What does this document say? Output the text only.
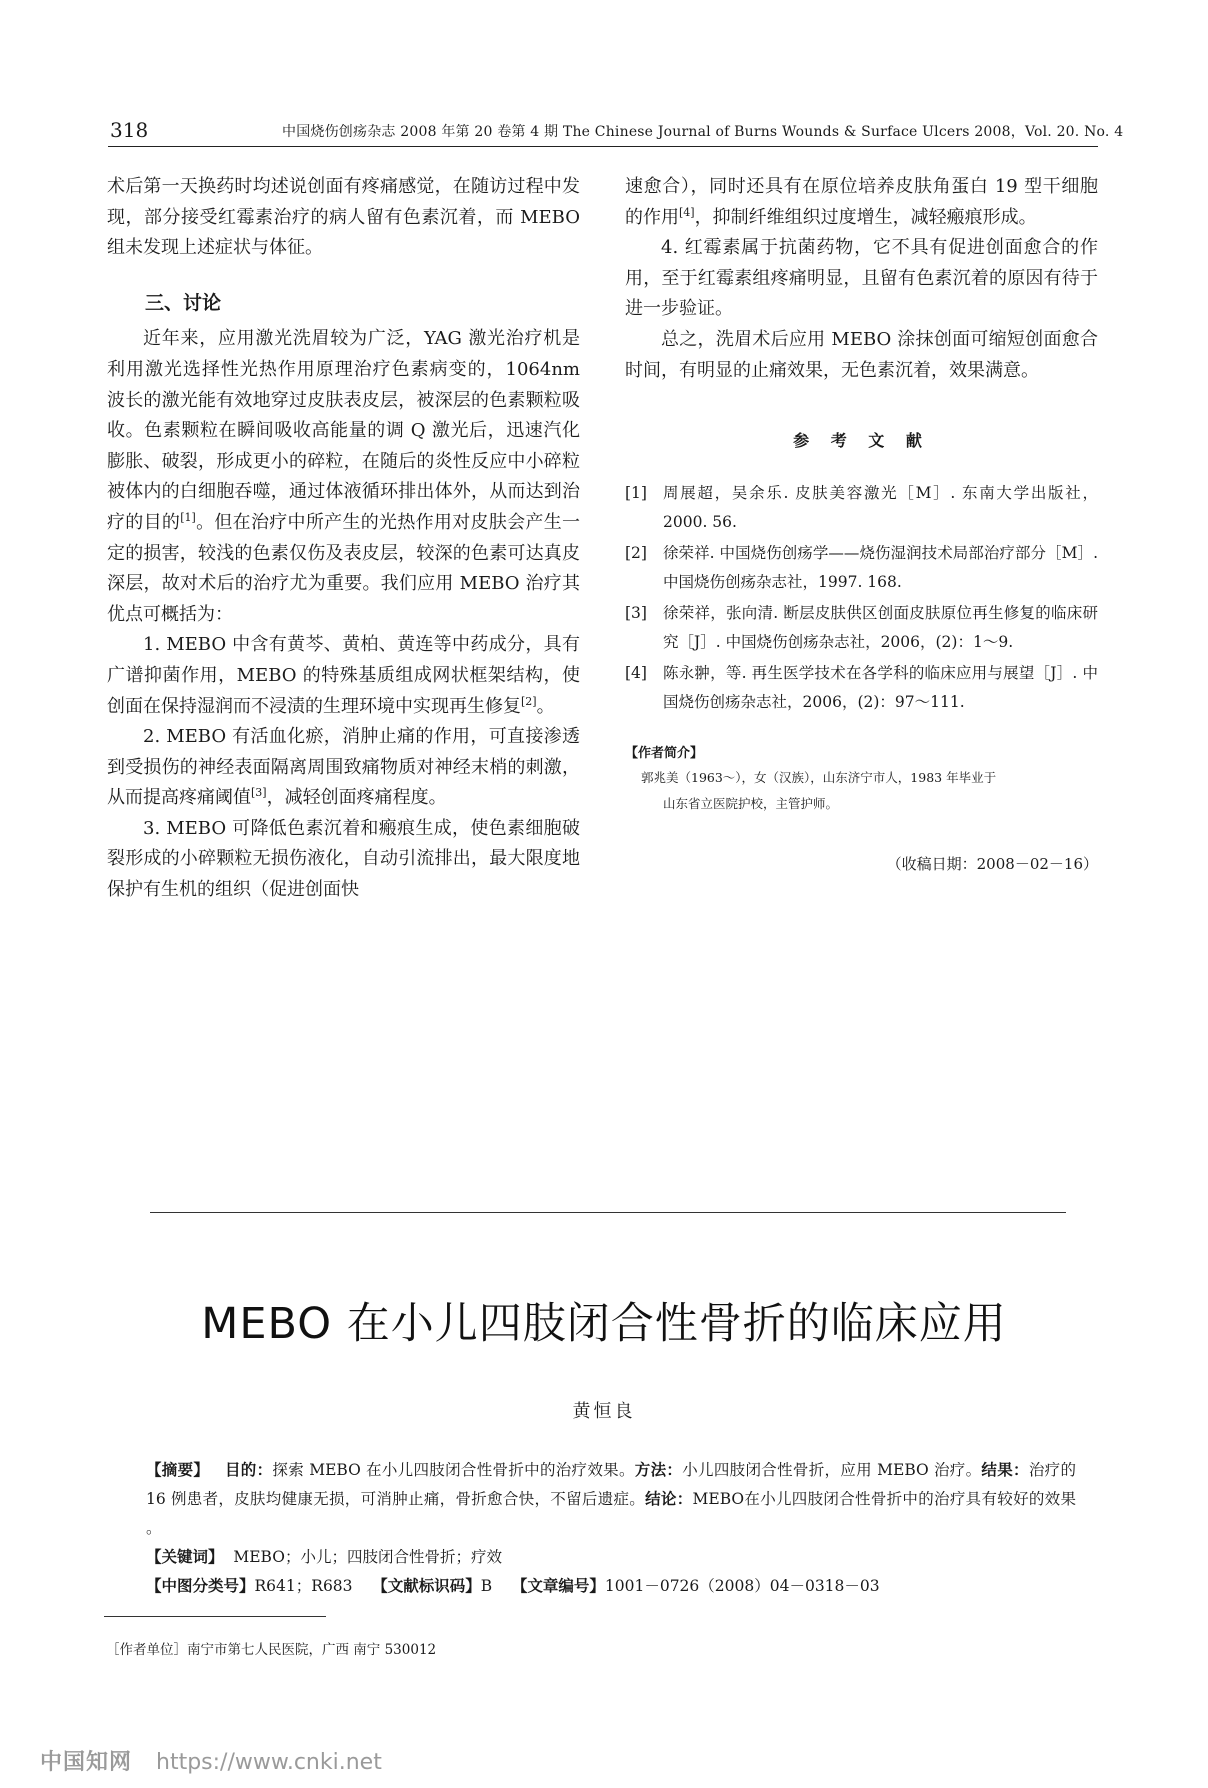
318	中国烧伤创疡杂志 2008 年第 20 卷第 4 期 The Chinese Journal of Burns Wounds & Surface Ulcers 2008，Vol. 20. No. 4

术后第一天换药时均述说创面有疼痛感觉，在随访过程中发现，部分接受红霉素治疗的病人留有色素沉着，而 MEBO 组未发现上述症状与体征。

三、讨论

近年来，应用激光洗眉较为广泛，YAG 激光治疗机是利用激光选择性光热作用原理治疗色素病变的，1064nm 波长的激光能有效地穿过皮肤表皮层，被深层的色素颗粒吸收。色素颗粒在瞬间吸收高能量的调 Q 激光后，迅速汽化膨胀、破裂，形成更小的碎粒，在随后的炎性反应中小碎粒被体内的白细胞吞噬，通过体液循环排出体外，从而达到治疗的目的[1]。但在治疗中所产生的光热作用对皮肤会产生一定的损害，较浅的色素仅伤及表皮层，较深的色素可达真皮深层，故对术后的治疗尤为重要。我们应用 MEBO 治疗其优点可概括为：

1. MEBO 中含有黄芩、黄柏、黄连等中药成分，具有广谱抑菌作用，MEBO 的特殊基质组成网状框架结构，使创面在保持湿润而不浸渍的生理环境中实现再生修复[2]。

2. MEBO 有活血化瘀，消肿止痛的作用，可直接渗透到受损伤的神经表面隔离周围致痛物质对神经末梢的刺激，从而提高疼痛阈值[3]，减轻创面疼痛程度。

3. MEBO 可降低色素沉着和瘢痕生成，使色素细胞破裂形成的小碎颗粒无损伤液化，自动引流排出，最大限度地保护有生机的组织（促进创面快

速愈合），同时还具有在原位培养皮肤角蛋白 19 型干细胞的作用[4]，抑制纤维组织过度增生，减轻瘢痕形成。

4. 红霉素属于抗菌药物，它不具有促进创面愈合的作用，至于红霉素组疼痛明显，且留有色素沉着的原因有待于进一步验证。

总之，洗眉术后应用 MEBO 涂抹创面可缩短创面愈合时间，有明显的止痛效果，无色素沉着，效果满意。

参 考 文 献

[1]	周展超，吴余乐. 皮肤美容激光［M］. 东南大学出版社，2000. 56.
[2]	徐荣祥. 中国烧伤创疡学——烧伤湿润技术局部治疗部分［M］. 中国烧伤创疡杂志社，1997. 168.
[3]	徐荣祥，张向清. 断层皮肤供区创面皮肤原位再生修复的临床研究［J］. 中国烧伤创疡杂志社，2006，(2)：1～9.
[4]	陈永翀，等. 再生医学技术在各学科的临床应用与展望［J］. 中国烧伤创疡杂志社，2006，(2)：97～111.

【作者简介】

郭兆美（1963～），女（汉族），山东济宁市人，1983 年毕业于
山东省立医院护校，主管护师。

（收稿日期：2008－02－16）

MEBO 在小儿四肢闭合性骨折的临床应用
黄恒良

【摘要】 目的：探索 MEBO 在小儿四肢闭合性骨折中的治疗效果。方法：小儿四肢闭合性骨折，应用 MEBO 治疗。结果：治疗的 16 例患者，皮肤均健康无损，可消肿止痛，骨折愈合快，不留后遗症。结论：MEBO在小儿四肢闭合性骨折中的治疗具有较好的效果 。

【关键词】 MEBO；小儿；四肢闭合性骨折；疗效

【中图分类号】R641；R683 【文献标识码】B 【文章编号】1001－0726（2008）04－0318－03

［作者单位］南宁市第七人民医院，广西 南宁 530012
中国知网 https://www.cnki.net
